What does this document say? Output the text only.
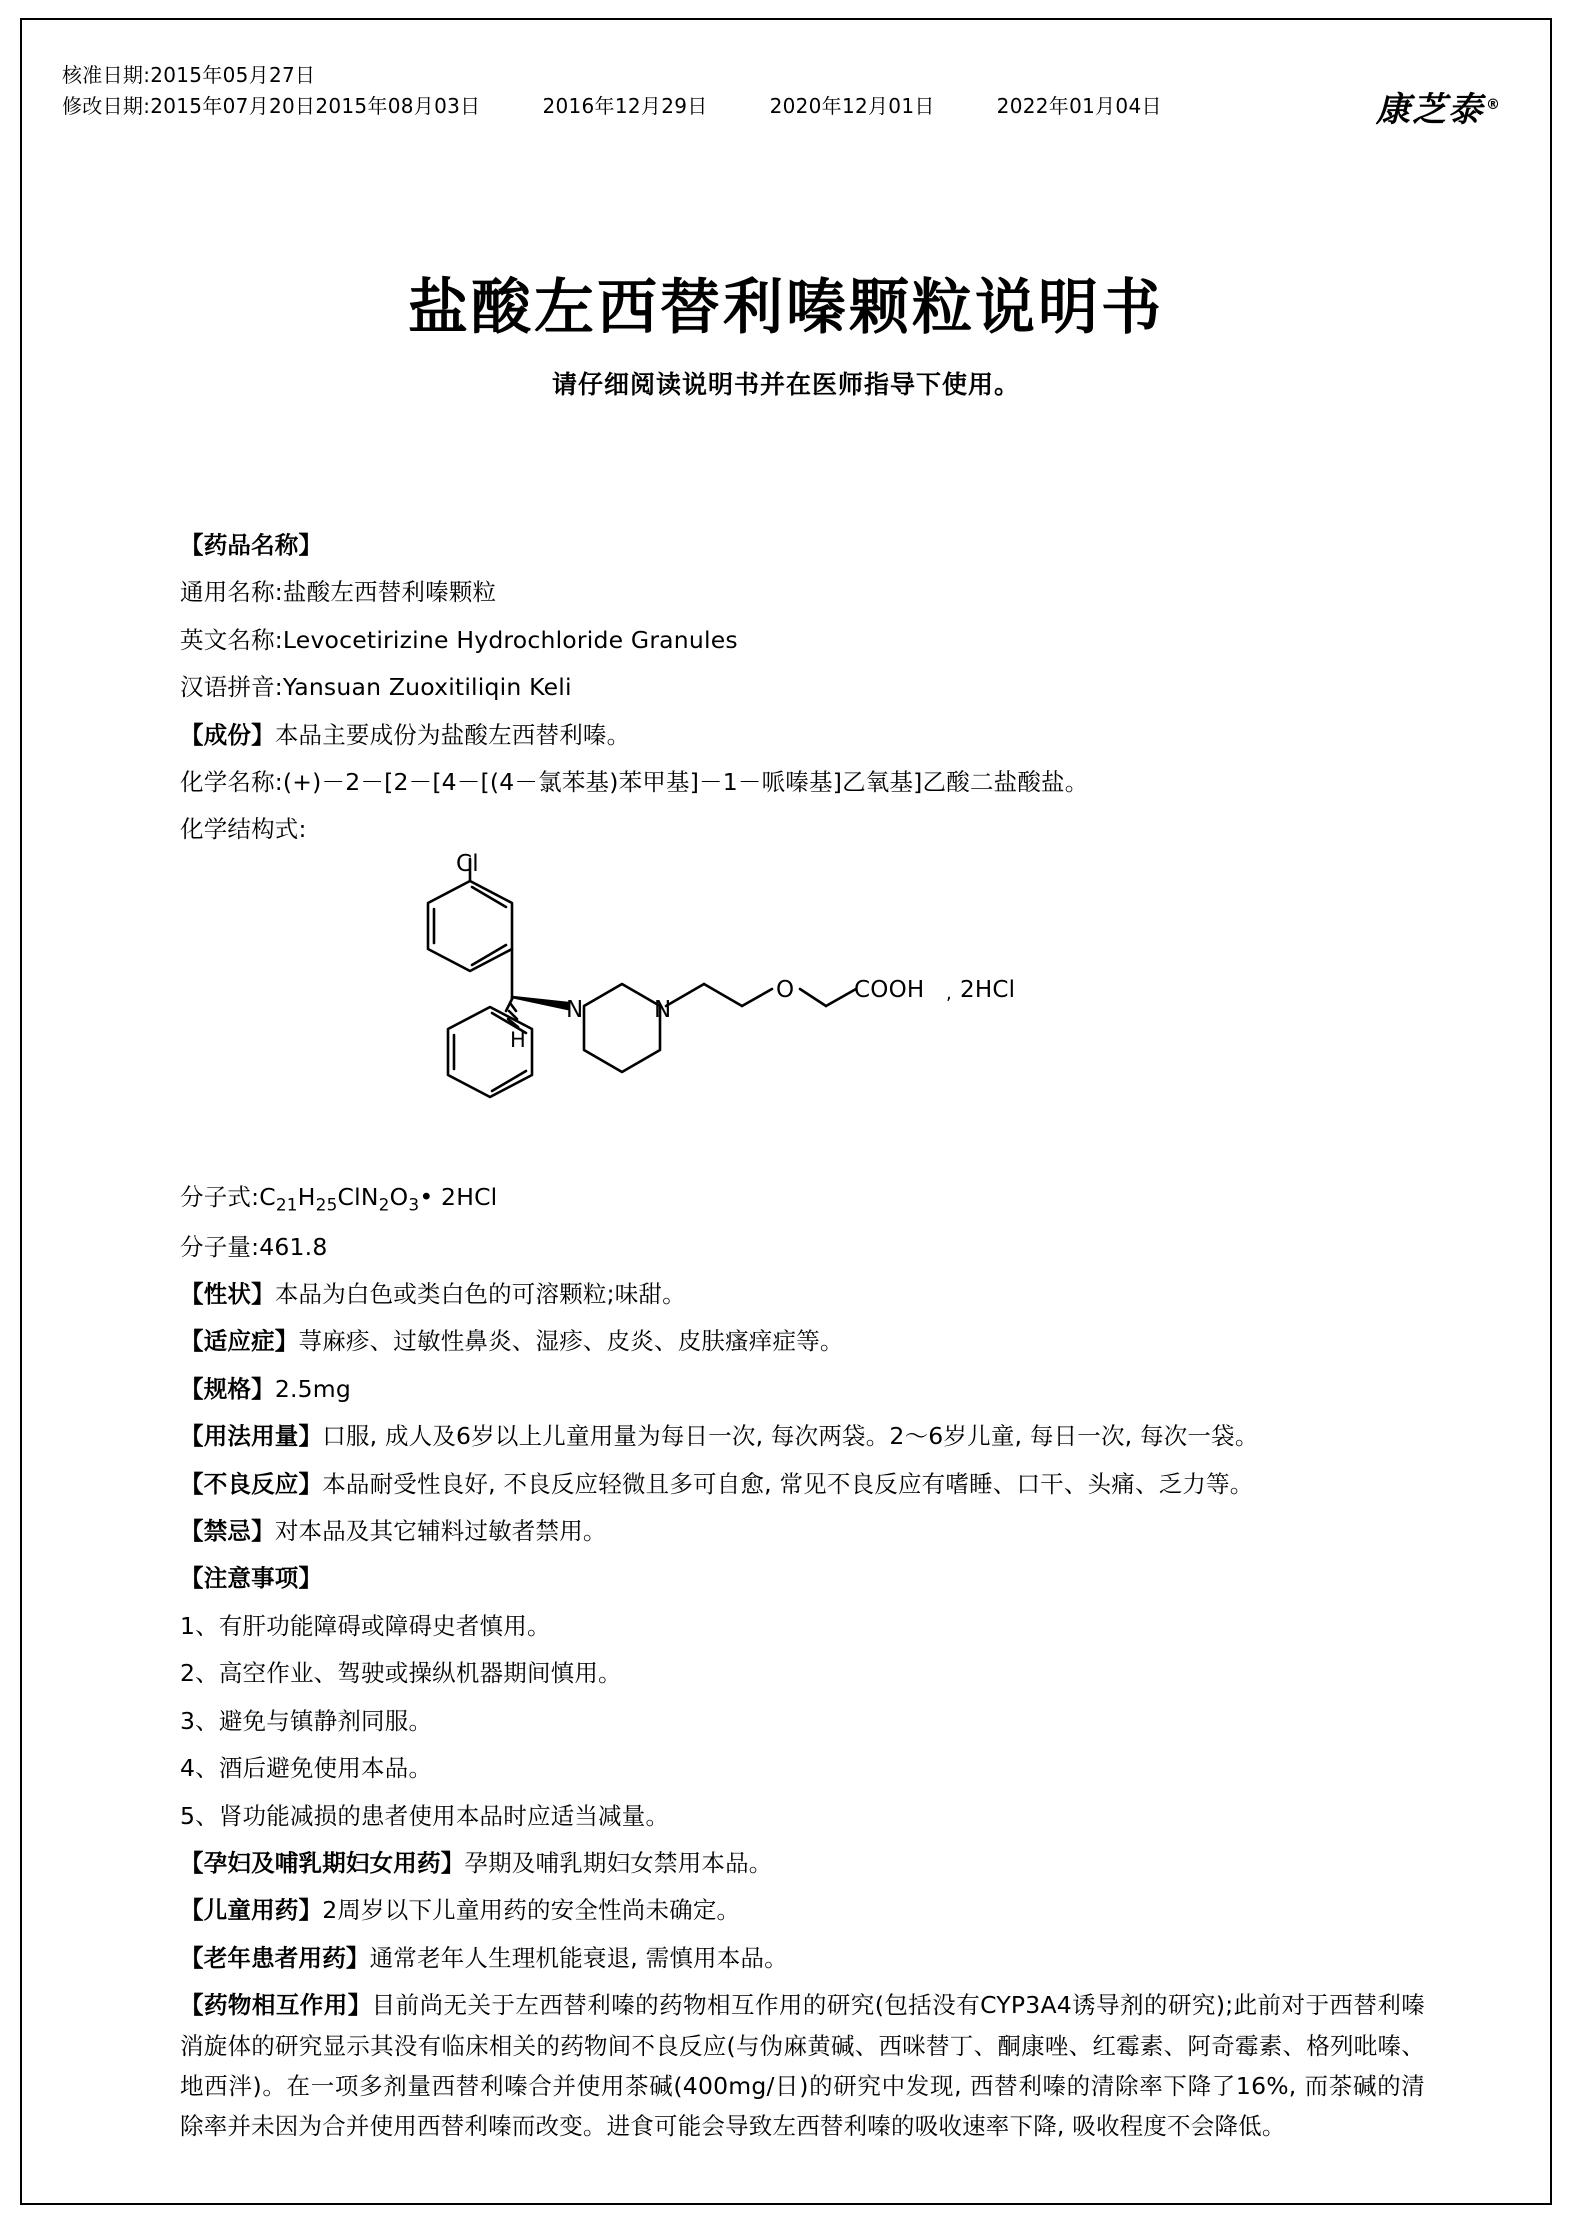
核准日期:2015年05月27日
修改日期:2015年07月20日 2015年08月03日	2016年12月29日	2020年12月01日	2022年01月04日	康芝泰 ®
盐酸左西替利嗪颗粒说明书
请仔细阅读说明书并在医师指导下使用。

【药品名称】

通用名称:盐酸左西替利嗪颗粒

英文名称:Levocetirizine Hydrochloride Granules

汉语拼音:Yansuan Zuoxitiliqin Keli

【成份】本品主要成份为盐酸左西替利嗪。

化学名称:(+)－2－[2－[4－[(4－氯苯基)苯甲基]－1－哌嗪基]乙氧基]乙酸二盐酸盐。

化学结构式:

Cl
N	N
O	COOH , 2HCl
H

分子式$:C_{21}H_{25}ClN_2O_3•$ 2HCl

分子量:461.8

【性状】本品为白色或类白色的可溶颗粒;味甜。

【适应症】荨麻疹、过敏性鼻炎、湿疹、皮炎、皮肤瘙痒症等。

【规格】2.5mg

【用法用量】口服, 成人及6岁以上儿童用量为每日一次, 每次两袋。2～6岁儿童, 每日一次, 每次一袋。

【不良反应】本品耐受性良好, 不良反应轻微且多可自愈, 常见不良反应有嗜睡、口干、头痛、乏力等。

【禁忌】对本品及其它辅料过敏者禁用。

【注意事项】

1、有肝功能障碍或障碍史者慎用。

2、高空作业、驾驶或操纵机器期间慎用。

3、避免与镇静剂同服。

4、酒后避免使用本品。

5、肾功能减损的患者使用本品时应适当减量。

【孕妇及哺乳期妇女用药】孕期及哺乳期妇女禁用本品。

【儿童用药】2周岁以下儿童用药的安全性尚未确定。

【老年患者用药】通常老年人生理机能衰退, 需慎用本品。

【药物相互作用】目前尚无关于左西替利嗪的药物相互作用的研究(包括没有CYP3A4诱导剂的研究);此前对于西替利嗪消旋体的研究显示其没有临床相关的药物间不良反应(与伪麻黄碱、西咪替丁、酮康唑、红霉素、阿奇霉素、格列吡嗪、地西泮)。在一项多剂量西替利嗪合并使用茶碱(400mg/日)的研究中发现, 西替利嗪的清除率下降了16%, 而茶碱的清除率并未因为合并使用西替利嗪而改变。进食可能会导致左西替利嗪的吸收速率下降, 吸收程度不会降低。
